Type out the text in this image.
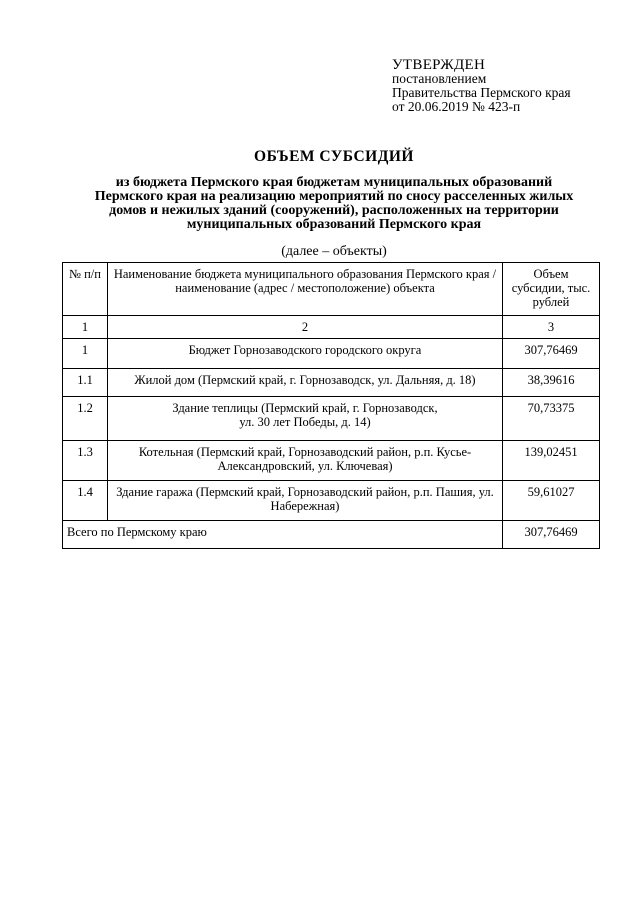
УТВЕРЖДЕН
постановлением
Правительства Пермского края
от 20.06.2019 № 423-п
ОБЪЕМ СУБСИДИЙ
из бюджета Пермского края бюджетам муниципальных образований
Пермского края на реализацию мероприятий по сносу расселенных жилых
домов и нежилых зданий (сооружений), расположенных на территории
муниципальных образований Пермского края
(далее – объекты)
№ п/п	Наименование бюджета муниципального образования Пермского края / наименование (адрес / местоположение) объекта	Объем субсидии, тыс. рублей
1	2	3
1	Бюджет Горнозаводского городского округа	307,76469
1.1	Жилой дом (Пермский край, г. Горнозаводск, ул. Дальняя, д. 18)	38,39616
1.2	Здание теплицы (Пермский край, г. Горнозаводск, ул. 30 лет Победы, д. 14)	70,73375
1.3	Котельная (Пермский край, Горнозаводский район, р.п. Кусье-Александровский, ул. Ключевая)	139,02451
1.4	Здание гаража (Пермский край, Горнозаводский район, р.п. Пашия, ул. Набережная)	59,61027
Всего по Пермскому краю		307,76469
